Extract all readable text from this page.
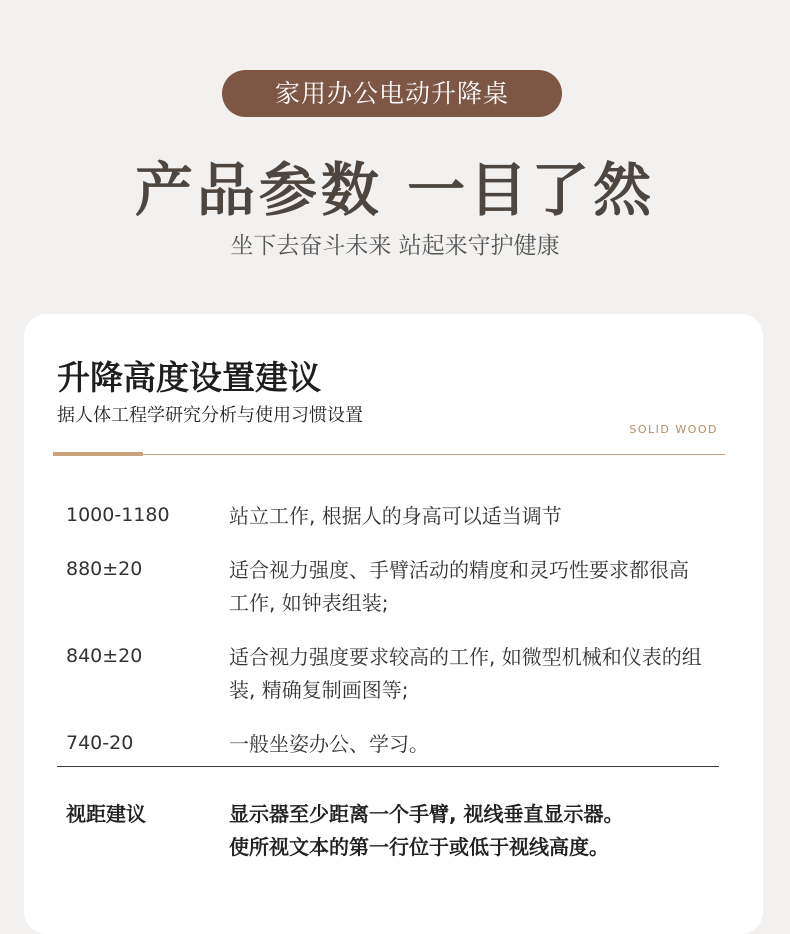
家用办公电动升降桌
产品参数 一目了然
坐下去奋斗未来 站起来守护健康
升降高度设置建议
据人体工程学研究分析与使用习惯设置
SOLID WOOD
1000-1180	站立工作, 根据人的身高可以适当调节
880±20	适合视力强度、手臂活动的精度和灵巧性要求都很高工作, 如钟表组装;
840±20	适合视力强度要求较高的工作, 如微型机械和仪表的组装, 精确复制画图等;
740-20	一般坐姿办公、学习。
视距建议	显示器至少距离一个手臂, 视线垂直显示器。
使所视文本的第一行位于或低于视线高度。
